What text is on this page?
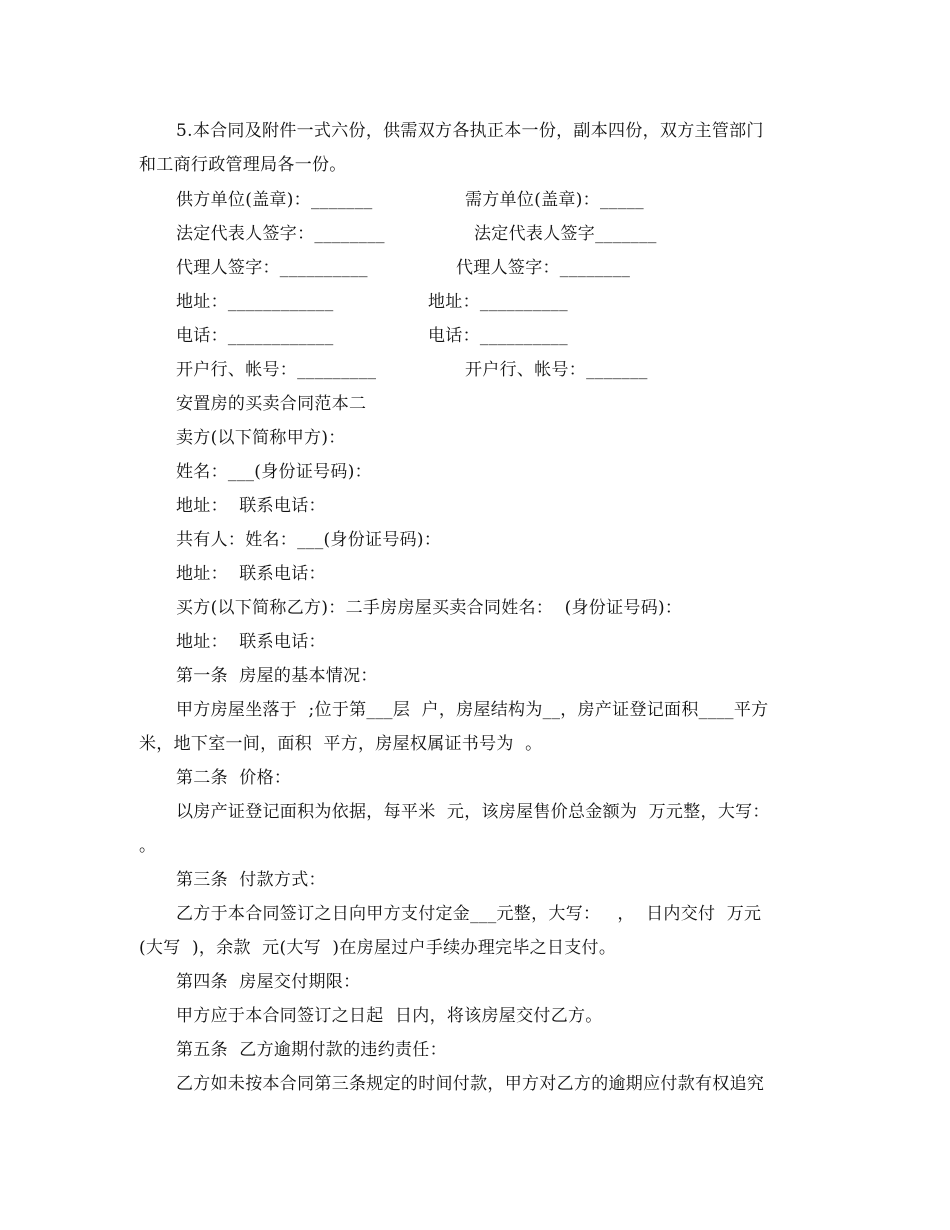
5.本合同及附件一式六份，供需双方各执正本一份，副本四份，双方主管部门
和工商行政管理局各一份。
供方单位(盖章)：_______	需方单位(盖章)：_____
法定代表人签字：________	法定代表人签字_______
代理人签字：__________	代理人签字：________
地址：____________	地址：__________
电话：____________	电话：__________
开户行、帐号：_________	开户行、帐号：_______
安置房的买卖合同范本二
卖方(以下简称甲方)：
姓名：___(身份证号码)：
地址：  联系电话：
共有人：姓名：___(身份证号码)：
地址：  联系电话：
买方(以下简称乙方)：二手房房屋买卖合同姓名：  (身份证号码)：
地址：  联系电话：
第一条  房屋的基本情况：
甲方房屋坐落于  ;位于第___层  户，房屋结构为__，房产证登记面积____平方
米，地下室一间，面积  平方，房屋权属证书号为  。
第二条  价格：
以房产证登记面积为依据，每平米  元，该房屋售价总金额为  万元整，大写：
。
第三条  付款方式：
乙方于本合同签订之日向甲方支付定金___元整，大写：   ，  日内交付  万元
(大写  )，余款  元(大写  )在房屋过户手续办理完毕之日支付。
第四条  房屋交付期限：
甲方应于本合同签订之日起  日内，将该房屋交付乙方。
第五条  乙方逾期付款的违约责任：
乙方如未按本合同第三条规定的时间付款，甲方对乙方的逾期应付款有权追究
